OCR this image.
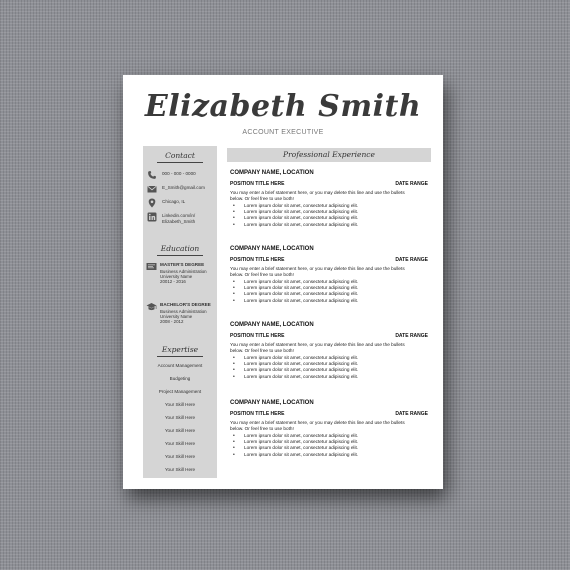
Elizabeth Smith
ACCOUNT EXECUTIVE
Contact
000 - 000 - 0000
E_Smith@gmail.com
Chicago, IL
Linkedin.com/in/
Elizabeth_Smith
Education
MASTER'S DEGREE
Business Administration
University Name
20012 - 2016
BACHELOR'S DEGREE
Business Administration
University Name
2008 - 2012
Expertise
Account Management
Budgeting
Project Management
Your Skill Here
Your Skill Here
Your Skill Here
Your Skill Here
Your Skill Here
Your Skill Here
Professional Experience
COMPANY NAME, LOCATION
POSITION TITLE HERE	DATE RANGE
You may enter a brief statement here, or you may delete this line and use the bullets
below. Or feel free to use both!
• Lorem ipsum dolor sit amet, consectetur adipiscing elit.
• Lorem ipsum dolor sit amet, consectetur adipiscing elit.
• Lorem ipsum dolor sit amet, consectetur adipiscing elit.
• Lorem ipsum dolor sit amet, consectetur adipiscing elit.
COMPANY NAME, LOCATION
POSITION TITLE HERE	DATE RANGE
You may enter a brief statement here, or you may delete this line and use the bullets
below. Or feel free to use both!
• Lorem ipsum dolor sit amet, consectetur adipiscing elit.
• Lorem ipsum dolor sit amet, consectetur adipiscing elit.
• Lorem ipsum dolor sit amet, consectetur adipiscing elit.
• Lorem ipsum dolor sit amet, consectetur adipiscing elit.
COMPANY NAME, LOCATION
POSITION TITLE HERE	DATE RANGE
You may enter a brief statement here, or you may delete this line and use the bullets
below. Or feel free to use both!
• Lorem ipsum dolor sit amet, consectetur adipiscing elit.
• Lorem ipsum dolor sit amet, consectetur adipiscing elit.
• Lorem ipsum dolor sit amet, consectetur adipiscing elit.
• Lorem ipsum dolor sit amet, consectetur adipiscing elit.
COMPANY NAME, LOCATION
POSITION TITLE HERE	DATE RANGE
You may enter a brief statement here, or you may delete this line and use the bullets
below. Or feel free to use both!
• Lorem ipsum dolor sit amet, consectetur adipiscing elit.
• Lorem ipsum dolor sit amet, consectetur adipiscing elit.
• Lorem ipsum dolor sit amet, consectetur adipiscing elit.
• Lorem ipsum dolor sit amet, consectetur adipiscing elit.
